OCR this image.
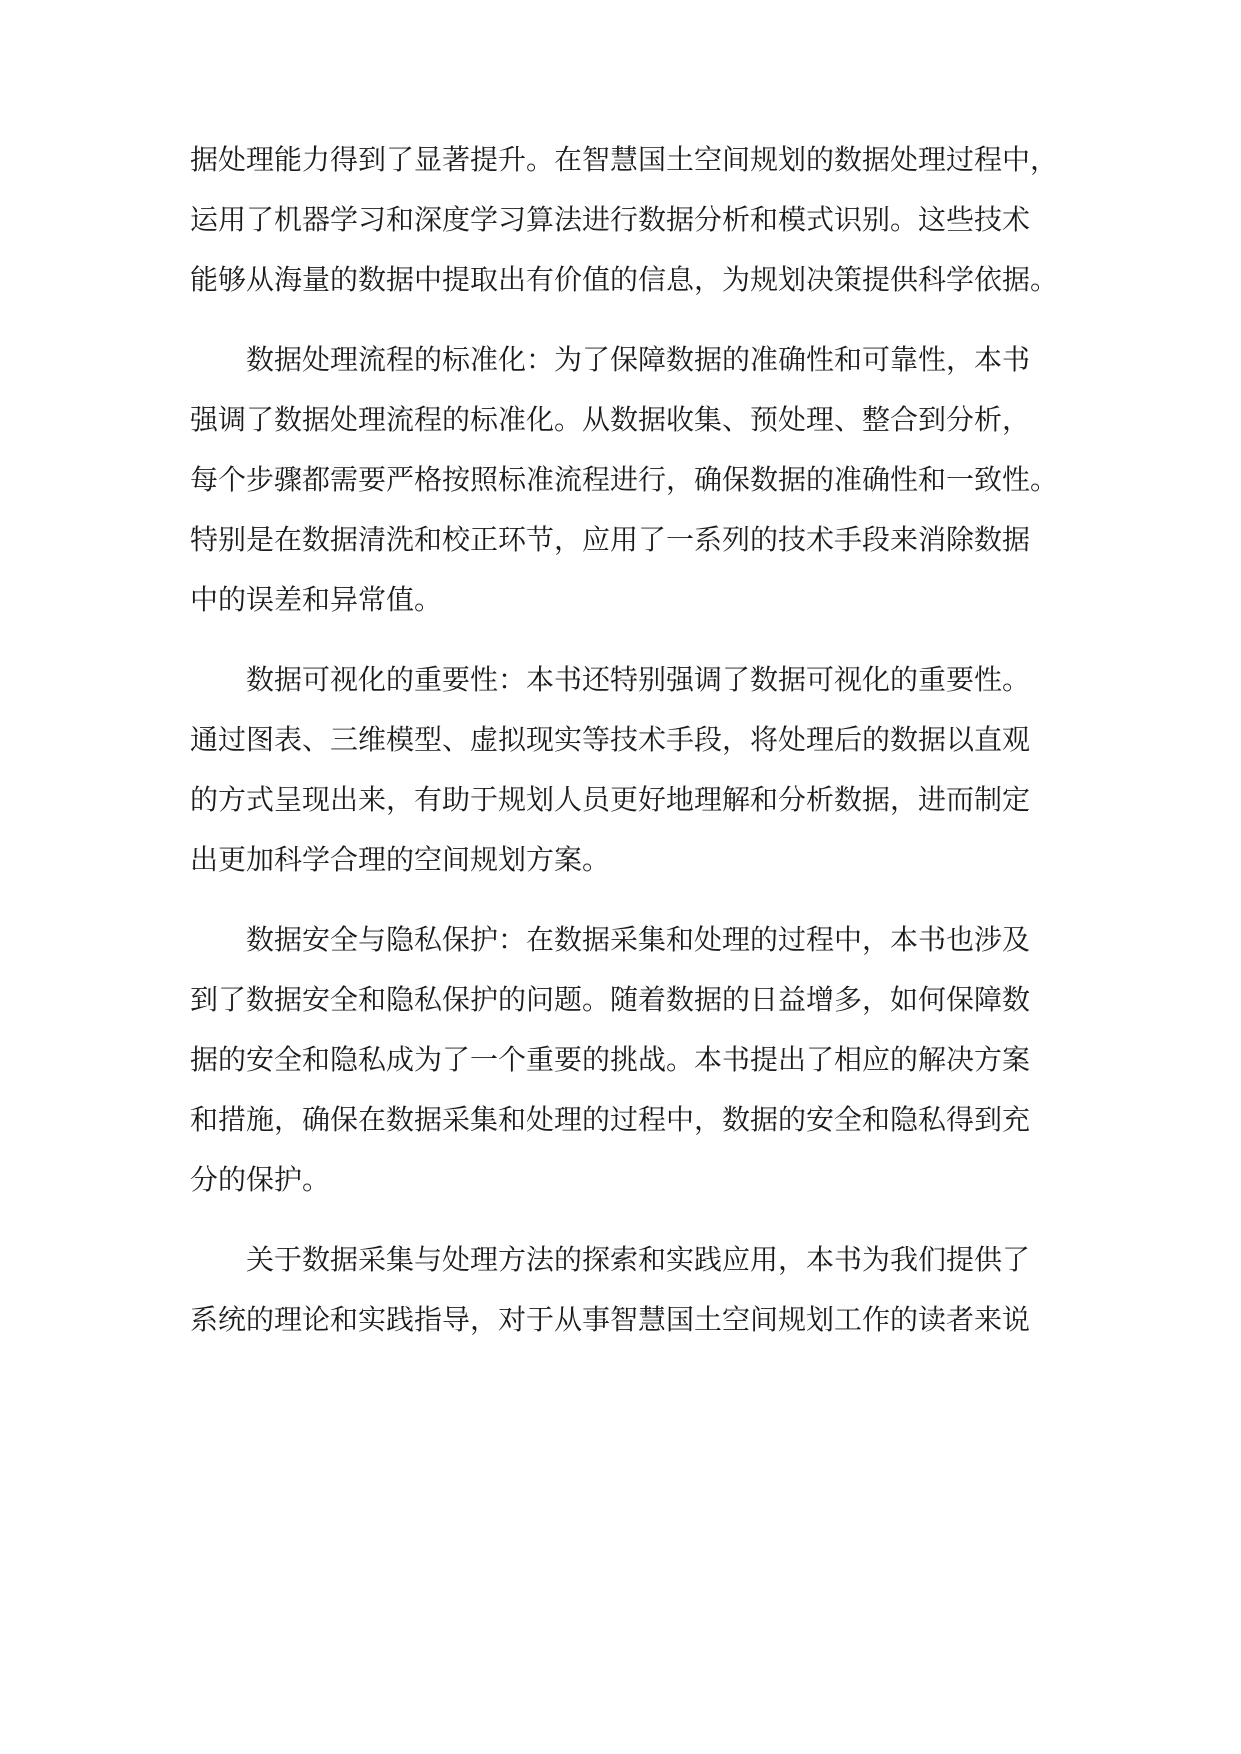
据处理能力得到了显著提升。在智慧国土空间规划的数据处理过程中，
运用了机器学习和深度学习算法进行数据分析和模式识别。这些技术
能够从海量的数据中提取出有价值的信息，为规划决策提供科学依据。
数据处理流程的标准化：为了保障数据的准确性和可靠性，本书
强调了数据处理流程的标准化。从数据收集、预处理、整合到分析，
每个步骤都需要严格按照标准流程进行，确保数据的准确性和一致性。
特别是在数据清洗和校正环节，应用了一系列的技术手段来消除数据
中的误差和异常值。
数据可视化的重要性：本书还特别强调了数据可视化的重要性。
通过图表、三维模型、虚拟现实等技术手段，将处理后的数据以直观
的方式呈现出来，有助于规划人员更好地理解和分析数据，进而制定
出更加科学合理的空间规划方案。
数据安全与隐私保护：在数据采集和处理的过程中，本书也涉及
到了数据安全和隐私保护的问题。随着数据的日益增多，如何保障数
据的安全和隐私成为了一个重要的挑战。本书提出了相应的解决方案
和措施，确保在数据采集和处理的过程中，数据的安全和隐私得到充
分的保护。
关于数据采集与处理方法的探索和实践应用，本书为我们提供了
系统的理论和实践指导，对于从事智慧国土空间规划工作的读者来说
